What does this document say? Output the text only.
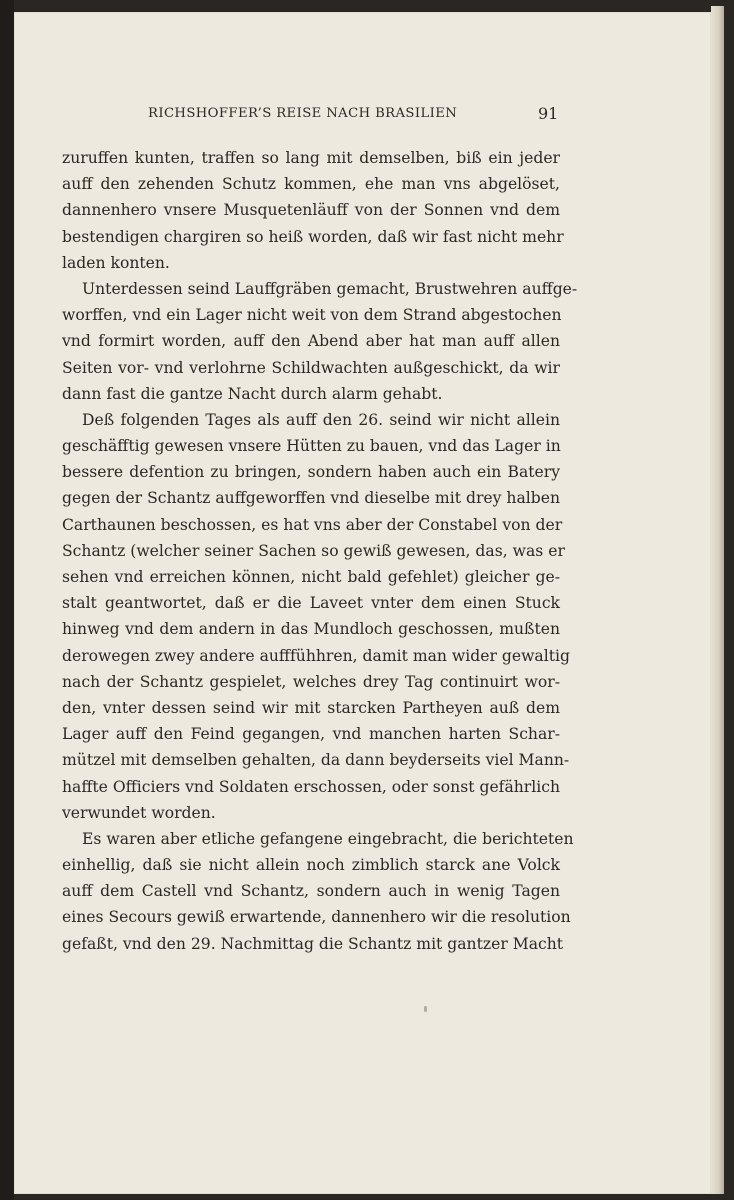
RICHSHOFFER’S REISE NACH BRASILIEN	91
zuruffen kunten, traffen so lang mit demselben, biß ein jeder
auff den zehenden Schutz kommen, ehe man vns abgelöset,
dannenhero vnsere Musquetenläuff von der Sonnen vnd dem
bestendigen chargiren so heiß worden, daß wir fast nicht mehr
laden konten.
Unterdessen seind Lauffgräben gemacht, Brustwehren auffge-
worffen, vnd ein Lager nicht weit von dem Strand abgestochen
vnd formirt worden, auff den Abend aber hat man auff allen
Seiten vor- vnd verlohrne Schildwachten außgeschickt, da wir
dann fast die gantze Nacht durch alarm gehabt.
Deß folgenden Tages als auff den 26. seind wir nicht allein
geschäfftig gewesen vnsere Hütten zu bauen, vnd das Lager in
bessere defention zu bringen, sondern haben auch ein Batery
gegen der Schantz auffgeworffen vnd dieselbe mit drey halben
Carthaunen beschossen, es hat vns aber der Constabel von der
Schantz (welcher seiner Sachen so gewiß gewesen, das, was er
sehen vnd erreichen können, nicht bald gefehlet) gleicher ge-
stalt geantwortet, daß er die Laveet vnter dem einen Stuck
hinweg vnd dem andern in das Mundloch geschossen, mußten
derowegen zwey andere aufffühhren, damit man wider gewaltig
nach der Schantz gespielet, welches drey Tag continuirt wor-
den, vnter dessen seind wir mit starcken Partheyen auß dem
Lager auff den Feind gegangen, vnd manchen harten Schar-
mützel mit demselben gehalten, da dann beyderseits viel Mann-
haffte Officiers vnd Soldaten erschossen, oder sonst gefährlich
verwundet worden.
Es waren aber etliche gefangene eingebracht, die berichteten
einhellig, daß sie nicht allein noch zimblich starck ane Volck
auff dem Castell vnd Schantz, sondern auch in wenig Tagen
eines Secours gewiß erwartende, dannenhero wir die resolution
gefaßt, vnd den 29. Nachmittag die Schantz mit gantzer Macht
